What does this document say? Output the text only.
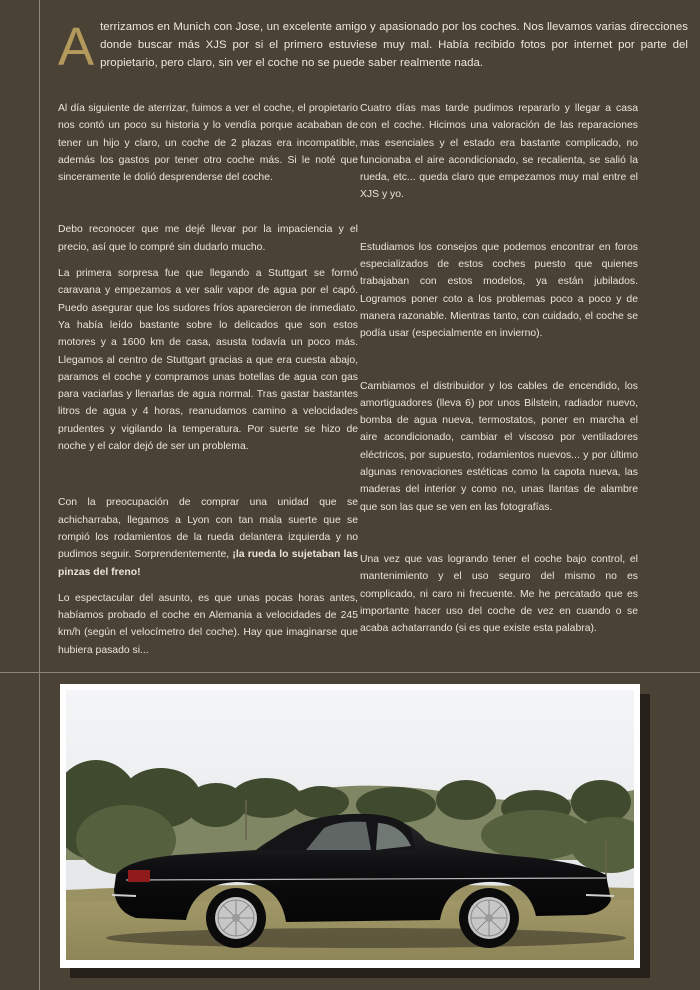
Aterrizamos en Munich con Jose, un excelente amigo y apasionado por los coches. Nos llevamos varias direcciones donde buscar más XJS por si el primero estuviese muy mal. Había recibido fotos por internet por parte del propietario, pero claro, sin ver el coche no se puede saber realmente nada.

Al día siguiente de aterrizar, fuimos a ver el coche, el propietario nos contó un poco su historia y lo vendía porque acababan de tener un hijo y claro, un coche de 2 plazas era incompatible, además los gastos por tener otro coche más. Si le noté que sinceramente le dolió desprenderse del coche.

Debo reconocer que me dejé llevar por la impaciencia y el precio, así que lo compré sin dudarlo mucho.

La primera sorpresa fue que llegando a Stuttgart se formó caravana y empezamos a ver salir vapor de agua por el capó. Puedo asegurar que los sudores fríos aparecieron de inmediato. Ya había leído bastante sobre lo delicados que son estos motores y a 1600 km de casa, asusta todavía un poco más. Llegamos al centro de Stuttgart gracias a que era cuesta abajo, paramos el coche y compramos unas botellas de agua con gas para vaciarlas y llenarlas de agua normal. Tras gastar bastantes litros de agua y 4 horas, reanudamos camino a velocidades prudentes y vigilando la temperatura. Por suerte se hizo de noche y el calor dejó de ser un problema.

Con la preocupación de comprar una unidad que se achicharraba, llegamos a Lyon con tan mala suerte que se rompió los rodamientos de la rueda delantera izquierda y no pudimos seguir. Sorprendentemente, ¡la rueda lo sujetaban las pinzas del freno!

Lo espectacular del asunto, es que unas pocas horas antes, habíamos probado el coche en Alemania a velocidades de 245 km/h (según el velocímetro del coche). Hay que imaginarse que hubiera pasado si...

Cuatro días mas tarde pudimos repararlo y llegar a casa con el coche. Hicimos una valoración de las reparaciones mas esenciales y el estado era bastante complicado, no funcionaba el aire acondicionado, se recalienta, se salió la rueda, etc... queda claro que empezamos muy mal entre el XJS y yo.

Estudiamos los consejos que podemos encontrar en foros especializados de estos coches puesto que quienes trabajaban con estos modelos, ya están jubilados. Logramos poner coto a los problemas poco a poco y de manera razonable. Mientras tanto, con cuidado, el coche se podía usar (especialmente en invierno).

Cambiamos el distribuidor y los cables de encendido, los amortiguadores (lleva 6) por unos Bilstein, radiador nuevo, bomba de agua nueva, termostatos, poner en marcha el aire acondicionado, cambiar el viscoso por ventiladores eléctricos, por supuesto, rodamientos nuevos... y por último algunas renovaciones estéticas como la capota nueva, las maderas del interior y como no, unas llantas de alambre que son las que se ven en las fotografías.

Una vez que vas logrando tener el coche bajo control, el mantenimiento y el uso seguro del mismo no es complicado, ni caro ni frecuente. Me he percatado que es importante hacer uso del coche de vez en cuando o se acaba achatarrando (si es que existe esta palabra).
